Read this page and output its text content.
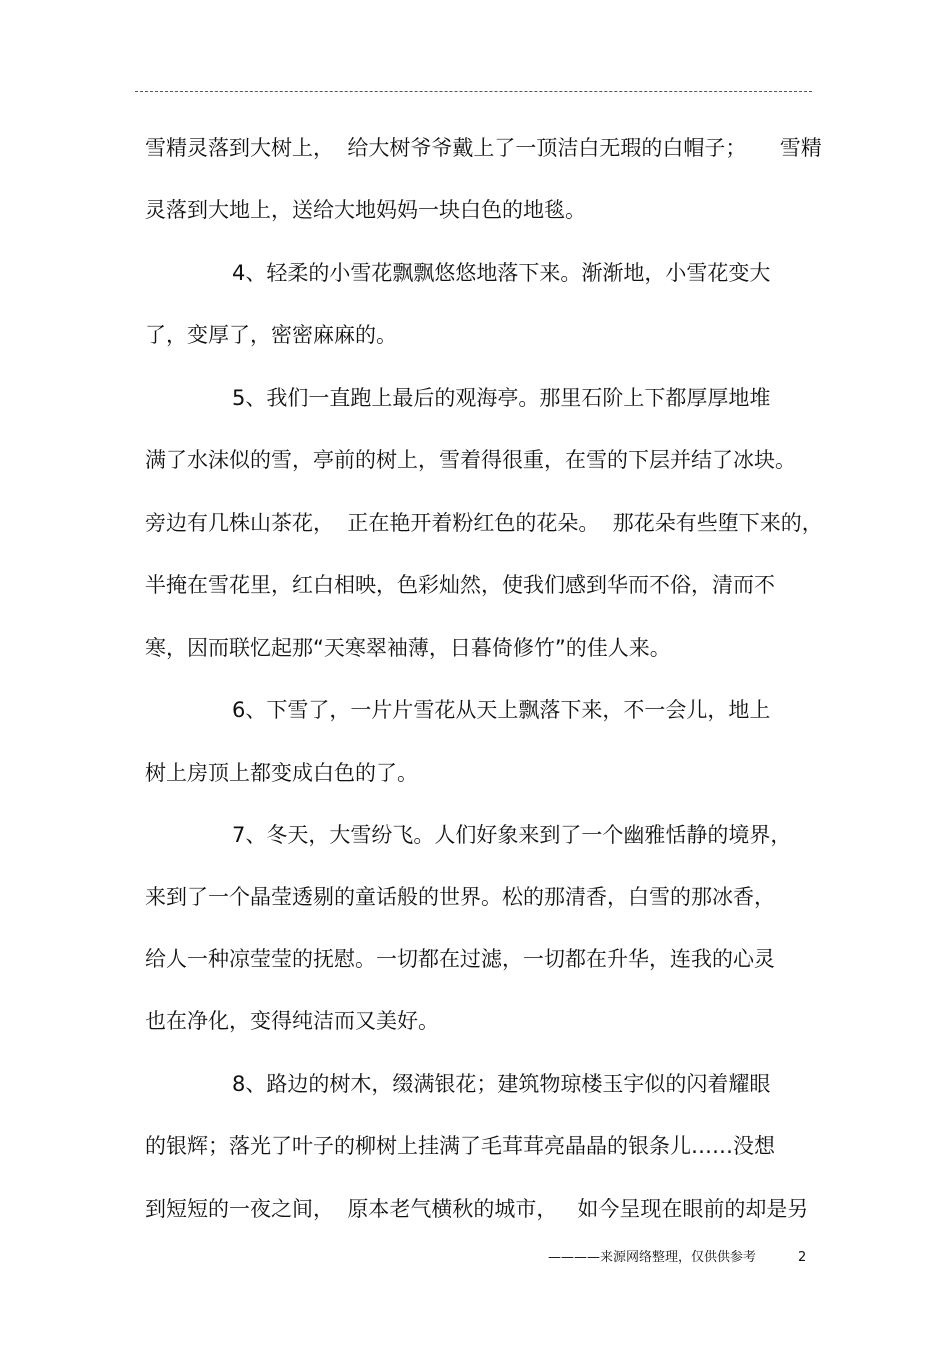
雪精灵落到大树上，  给大树爷爷戴上了一顶洁白无瑕的白帽子；     雪精
灵落到大地上，送给大地妈妈一块白色的地毯。
4、轻柔的小雪花飘飘悠悠地落下来。渐渐地，小雪花变大
了，变厚了，密密麻麻的。
5、我们一直跑上最后的观海亭。那里石阶上下都厚厚地堆
满了水沫似的雪，亭前的树上，雪着得很重，在雪的下层并结了冰块。
旁边有几株山茶花，  正在艳开着粉红色的花朵。  那花朵有些堕下来的，
半掩在雪花里，红白相映，色彩灿然，使我们感到华而不俗，清而不
寒，因而联忆起那“天寒翠袖薄，日暮倚修竹”的佳人来。
6、下雪了，一片片雪花从天上飘落下来，不一会儿，地上
树上房顶上都变成白色的了。
7、冬天，大雪纷飞。人们好象来到了一个幽雅恬静的境界，
来到了一个晶莹透剔的童话般的世界。松的那清香，白雪的那冰香，
给人一种凉莹莹的抚慰。一切都在过滤，一切都在升华，连我的心灵
也在净化，变得纯洁而又美好。
8、路边的树木，缀满银花；建筑物琼楼玉宇似的闪着耀眼
的银辉；落光了叶子的柳树上挂满了毛茸茸亮晶晶的银条儿……没想
到短短的一夜之间，  原本老气横秋的城市，   如今呈现在眼前的却是另
————来源网络整理，仅供供参考	2
